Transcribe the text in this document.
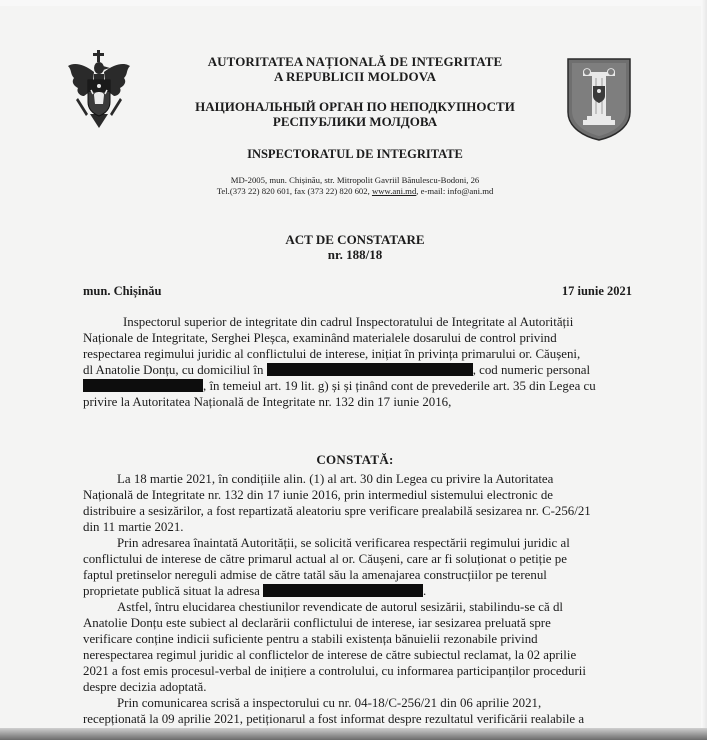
AUTORITATEA NAȚIONALĂ DE INTEGRITATE
A REPUBLICII MOLDOVA
НАЦИОНАЛЬНЫЙ ОРГАН ПО НЕПОДКУПНОСТИ
РЕСПУБЛИКИ МОЛДОВА
INSPECTORATUL DE INTEGRITATE
MD-2005, mun. Chișinău, str. Mitropolit Gavriil Bănulescu-Bodoni, 26
Tel.(373 22) 820 601, fax (373 22) 820 602, www.ani.md, e-mail: info@ani.md
ACT DE CONSTATARE
nr. 188/18
mun. Chișinău	17 iunie 2021
Inspectorul superior de integritate din cadrul Inspectoratului de Integritate al Autorității
Naționale de Integritate, Serghei Pleșca, examinând materialele dosarului de control privind
respectarea regimului juridic al conflictului de interese, inițiat în privința primarului or. Căușeni,
dl Anatolie Donțu, cu domiciliul în	, cod numeric personal
, în temeiul art. 19 lit. g) și și ținând cont de prevederile art. 35 din Legea cu
privire la Autoritatea Națională de Integritate nr. 132 din 17 iunie 2016,
CONSTATĂ:
La 18 martie 2021, în condițiile alin. (1) al art. 30 din Legea cu privire la Autoritatea
Națională de Integritate nr. 132 din 17 iunie 2016, prin intermediul sistemului electronic de
distribuire a sesizărilor, a fost repartizată aleatoriu spre verificare prealabilă sesizarea nr. C-256/21
din 11 martie 2021.
Prin adresarea înaintată Autorității, se solicită verificarea respectării regimului juridic al
conflictului de interese de către primarul actual al or. Căușeni, care ar fi soluționat o petiție pe
faptul pretinselor nereguli admise de către tatăl său la amenajarea construcțiilor pe terenul
proprietate publică situat la adresa	.
Astfel, întru elucidarea chestiunilor revendicate de autorul sesizării, stabilindu-se că dl
Anatolie Donțu este subiect al declarării conflictului de interese, iar sesizarea preluată spre
verificare conține indicii suficiente pentru a stabili existența bănuielii rezonabile privind
nerespectarea regimul juridic al conflictelor de interese de către subiectul reclamat, la 02 aprilie
2021 a fost emis procesul-verbal de inițiere a controlului, cu informarea participanților procedurii
despre decizia adoptată.
Prin comunicarea scrisă a inspectorului cu nr. 04-18/C-256/21 din 06 aprilie 2021,
recepționată la 09 aprilie 2021, petiționarul a fost informat despre rezultatul verificării realabile a
